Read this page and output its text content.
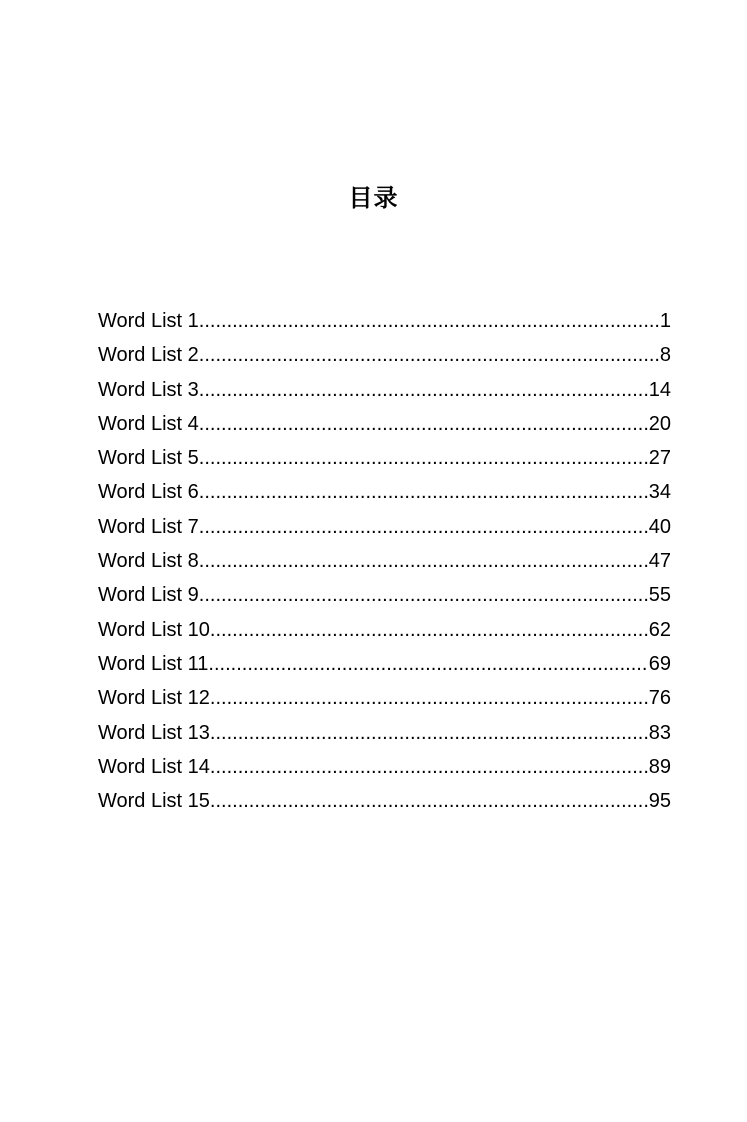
目录
Word List 1 .....	1
Word List 2 .....	8
Word List 3 .....	14
Word List 4 .....	20
Word List 5 .....	27
Word List 6 .....	34
Word List 7 .....	40
Word List 8 .....	47
Word List 9 .....	55
Word List 10 .....	62
Word List 11 .....	69
Word List 12 .....	76
Word List 13 .....	83
Word List 14 .....	89
Word List 15 .....	95
